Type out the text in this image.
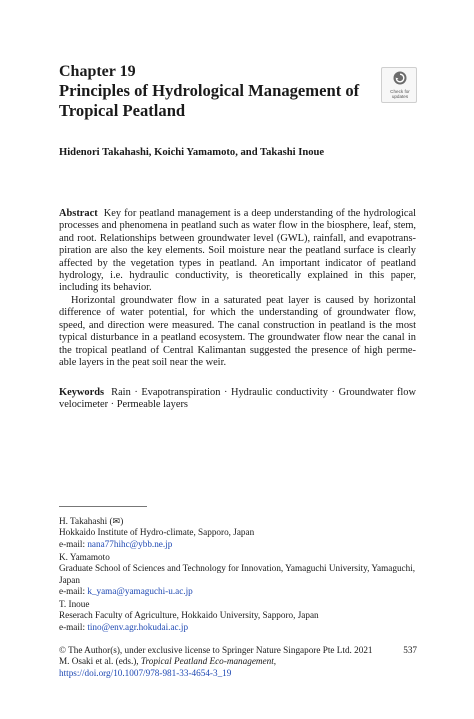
Chapter 19
Principles of Hydrological Management of Tropical Peatland
Check for
updates
Hidenori Takahashi, Koichi Yamamoto, and Takashi Inoue
Abstract Key for peatland management is a deep understanding of the hydrological processes and phenomena in peatland such as water flow in the biosphere, leaf, stem, and root. Relationships between groundwater level (GWL), rainfall, and evapotrans-piration are also the key elements. Soil moisture near the peatland surface is clearly affected by the vegetation types in peatland. An important indicator of peatland hydrology, i.e. hydraulic conductivity, is theoretically explained in this paper, including its behavior.
Horizontal groundwater flow in a saturated peat layer is caused by horizontal difference of water potential, for which the understanding of groundwater flow, speed, and direction were measured. The canal construction in peatland is the most typical disturbance in a peatland ecosystem. The groundwater flow near the canal in the tropical peatland of Central Kalimantan suggested the presence of high perme-able layers in the peat soil near the weir.
Keywords Rain · Evapotranspiration · Hydraulic conductivity · Groundwater flow velocimeter · Permeable layers
H. Takahashi (✉)
Hokkaido Institute of Hydro-climate, Sapporo, Japan
e-mail: nana77hihc@ybb.ne.jp
K. Yamamoto
Graduate School of Sciences and Technology for Innovation, Yamaguchi University, Yamaguchi, Japan
e-mail: k_yama@yamaguchi-u.ac.jp
T. Inoue
Reserach Faculty of Agriculture, Hokkaido University, Sapporo, Japan
e-mail: tino@env.agr.hokudai.ac.jp
© The Author(s), under exclusive license to Springer Nature Singapore Pte Ltd. 2021
M. Osaki et al. (eds.), Tropical Peatland Eco-management,
https://doi.org/10.1007/978-981-33-4654-3_19
537
